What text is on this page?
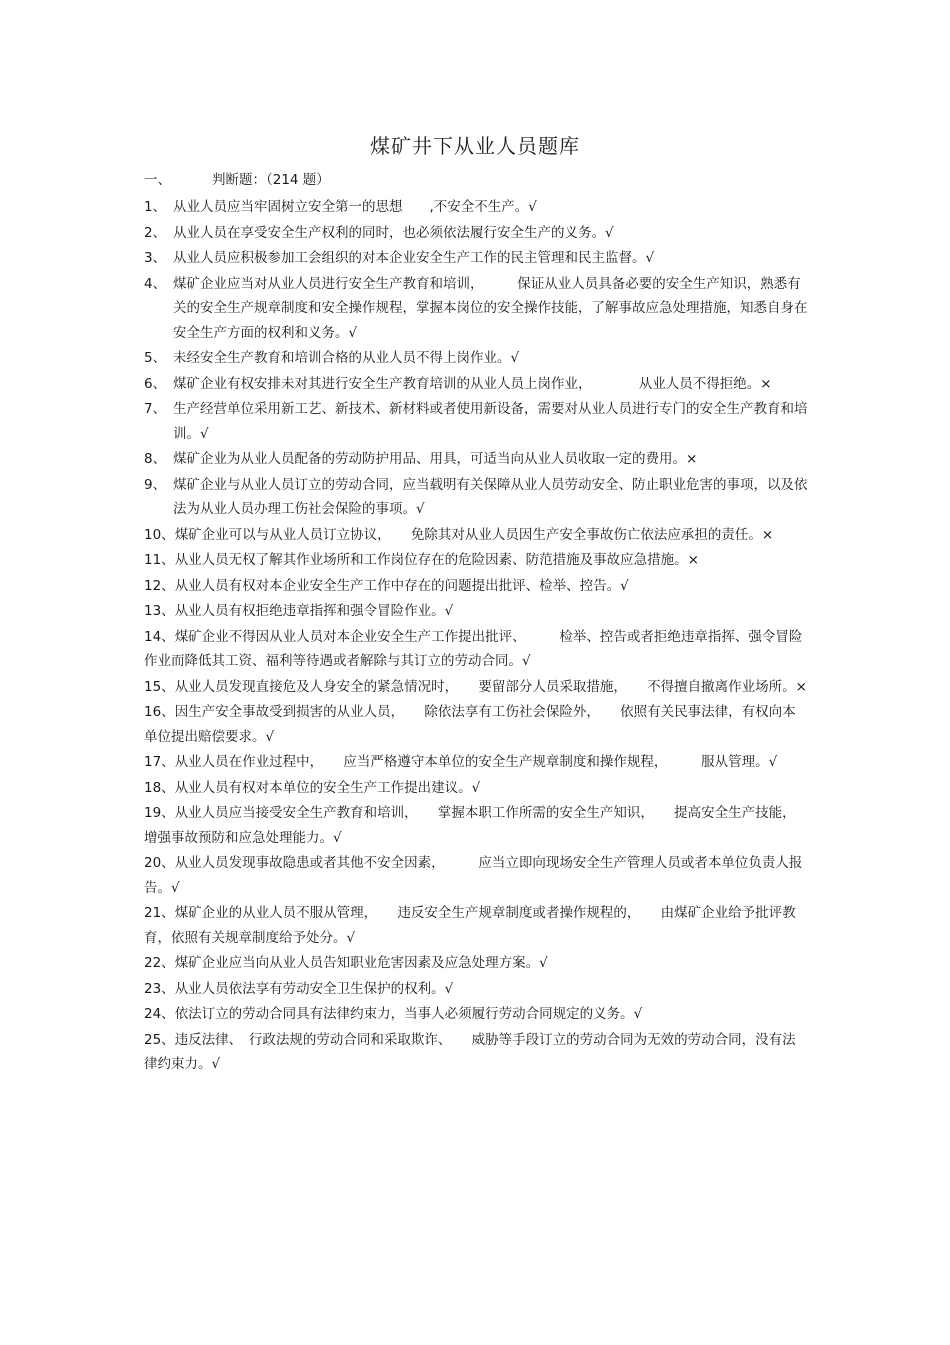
煤矿井下从业人员题库
一、	判断题：（214 题）
1、 从业人员应当牢固树立安全第一的思想　　,不安全不生产。√
2、 从业人员在享受安全生产权利的同时，也必须依法履行安全生产的义务。√
3、 从业人员应积极参加工会组织的对本企业安全生产工作的民主管理和民主监督。√
4、 煤矿企业应当对从业人员进行安全生产教育和培训，　　　保证从业人员具备必要的安全生产知识，熟悉有关的安全生产规章制度和安全操作规程，掌握本岗位的安全操作技能，了解事故应急处理措施，知悉自身在安全生产方面的权利和义务。√
5、 未经安全生产教育和培训合格的从业人员不得上岗作业。√
6、 煤矿企业有权安排未对其进行安全生产教育培训的从业人员上岗作业，　　　　从业人员不得拒绝。×
7、 生产经营单位采用新工艺、新技术、新材料或者使用新设备，需要对从业人员进行专门的安全生产教育和培训。√
8、 煤矿企业为从业人员配备的劳动防护用品、用具，可适当向从业人员收取一定的费用。×
9、 煤矿企业与从业人员订立的劳动合同，应当载明有关保障从业人员劳动安全、防止职业危害的事项，以及依法为从业人员办理工伤社会保险的事项。√
10、煤矿企业可以与从业人员订立协议，　　免除其对从业人员因生产安全事故伤亡依法应承担的责任。×
11、从业人员无权了解其作业场所和工作岗位存在的危险因素、防范措施及事故应急措施。×
12、从业人员有权对本企业安全生产工作中存在的问题提出批评、检举、控告。√
13、从业人员有权拒绝违章指挥和强令冒险作业。√
14、煤矿企业不得因从业人员对本企业安全生产工作提出批评、　　　检举、控告或者拒绝违章指挥、强令冒险作业而降低其工资、福利等待遇或者解除与其订立的劳动合同。√
15、从业人员发现直接危及人身安全的紧急情况时，　　要留部分人员采取措施，　　不得擅自撤离作业场所。×
16、因生产安全事故受到损害的从业人员，　　除依法享有工伤社会保险外，　　依照有关民事法律，有权向本单位提出赔偿要求。√
17、从业人员在作业过程中，　　应当严格遵守本单位的安全生产规章制度和操作规程，　　　服从管理。√
18、从业人员有权对本单位的安全生产工作提出建议。√
19、从业人员应当接受安全生产教育和培训，　　掌握本职工作所需的安全生产知识，　　提高安全生产技能，增强事故预防和应急处理能力。√
20、从业人员发现事故隐患或者其他不安全因素，　　　应当立即向现场安全生产管理人员或者本单位负责人报告。√
21、煤矿企业的从业人员不服从管理，　　违反安全生产规章制度或者操作规程的，　　由煤矿企业给予批评教育，依照有关规章制度给予处分。√
22、煤矿企业应当向从业人员告知职业危害因素及应急处理方案。√
23、从业人员依法享有劳动安全卫生保护的权利。√
24、依法订立的劳动合同具有法律约束力，当事人必须履行劳动合同规定的义务。√
25、违反法律、　行政法规的劳动合同和采取欺诈、　　威胁等手段订立的劳动合同为无效的劳动合同，没有法律约束力。√
